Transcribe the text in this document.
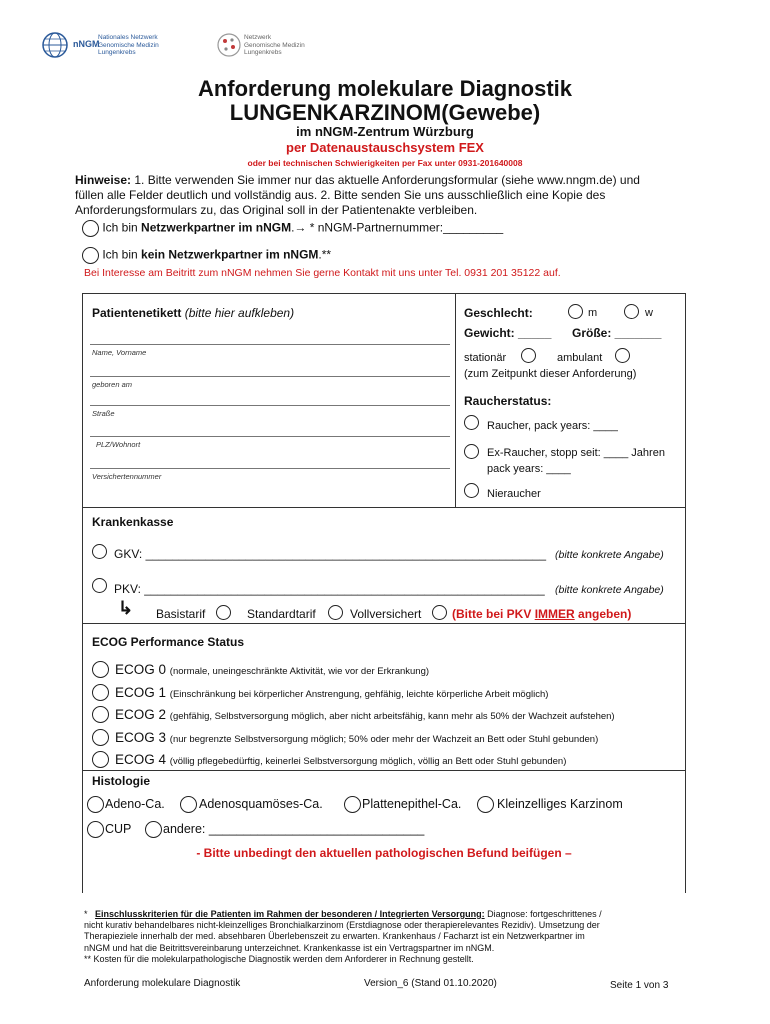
nNGM
Nationales Netzwerk
Genomische Medizin
Lungenkrebs
Netzwerk
Genomische Medizin
Lungenkrebs
Anforderung molekulare Diagnostik
LUNGENKARZINOM(Gewebe)
im nNGM-Zentrum Würzburg
per Datenaustauschsystem FEX
oder bei technischen Schwierigkeiten per Fax unter 0931-201640008
Hinweise: 1. Bitte verwenden Sie immer nur das aktuelle Anforderungsformular (siehe www.nngm.de) und
füllen alle Felder deutlich und vollständig aus. 2. Bitte senden Sie uns ausschließlich eine Kopie des
Anforderungsformulars zu, das Original soll in der Patientenakte verbleiben.
Ich bin Netzwerkpartner im nNGM.→ * nNGM-Partnernummer:_________
Ich bin kein Netzwerkpartner im nNGM.**
Bei Interesse am Beitritt zum nNGM nehmen Sie gerne Kontakt mit uns unter Tel. 0931 201 35122 auf.
Patientenetikett (bitte hier aufkleben)
Name, Vorname
geboren am
Straße
PLZ/Wohnort
Versichertennummer
Geschlecht:	m	w
Gewicht: _____ Größe: _______
stationär	ambulant
(zum Zeitpunkt dieser Anforderung)
Raucherstatus:
Raucher, pack years: ____
Ex-Raucher, stopp seit: ____ Jahren
pack years: ____
Nieraucher
Krankenkasse
GKV: ____________________________________________________________ (bitte konkrete Angabe)
PKV: ____________________________________________________________ (bitte konkrete Angabe)
↳ Basistarif	Standardtarif	Vollversichert	(Bitte bei PKV IMMER angeben)
ECOG Performance Status
ECOG 0 (normale, uneingeschränkte Aktivität, wie vor der Erkrankung)
ECOG 1 (Einschränkung bei körperlicher Anstrengung, gehfähig, leichte körperliche Arbeit möglich)
ECOG 2 (gehfähig, Selbstversorgung möglich, aber nicht arbeitsfähig, kann mehr als 50% der Wachzeit aufstehen)
ECOG 3 (nur begrenzte Selbstversorgung möglich; 50% oder mehr der Wachzeit an Bett oder Stuhl gebunden)
ECOG 4 (völlig pflegebedürftig, keinerlei Selbstversorgung möglich, völlig an Bett oder Stuhl gebunden)
Histologie
Adeno-Ca.	Adenosquamöses-Ca.	Plattenepithel-Ca.	Kleinzelliges Karzinom
CUP	andere: _______________________________
- Bitte unbedingt den aktuellen pathologischen Befund beifügen –
* Einschlusskriterien für die Patienten im Rahmen der besonderen / Integrierten Versorgung: Diagnose: fortgeschrittenes /
nicht kurativ behandelbares nicht-kleinzelliges Bronchialkarzinom (Erstdiagnose oder therapierelevantes Rezidiv). Umsetzung der
Therapieziele innerhalb der med. absehbaren Überlebenszeit zu erwarten. Krankenhaus / Facharzt ist ein Netzwerkpartner im
nNGM und hat die Beitrittsvereinbarung unterzeichnet. Krankenkasse ist ein Vertragspartner im nNGM.
** Kosten für die molekularpathologische Diagnostik werden dem Anforderer in Rechnung gestellt.
Anforderung molekulare Diagnostik	Version_6 (Stand 01.10.2020)	Seite 1 von 3
